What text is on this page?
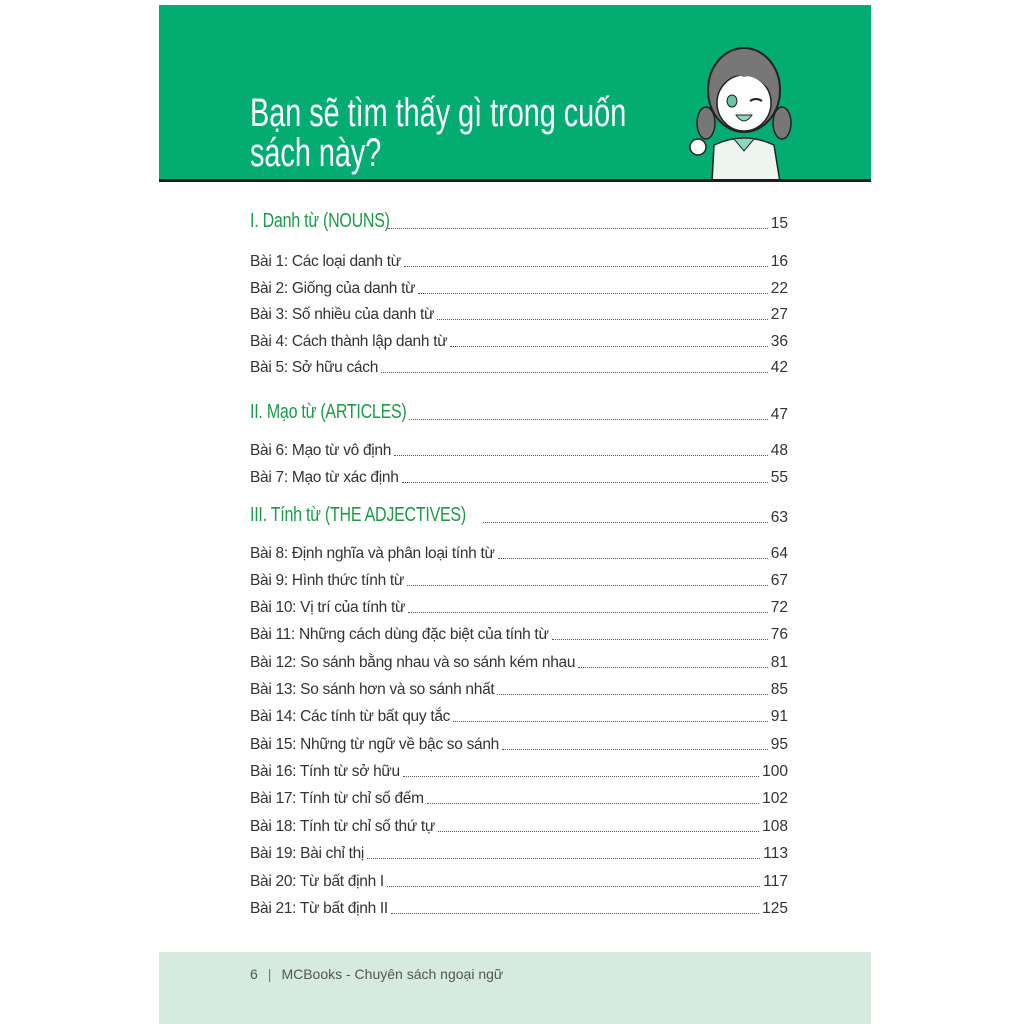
Bạn sẽ tìm thấy gì trong cuốn
sách này?
I. Danh từ (NOUNS)	15
Bài 1: Các loại danh từ	16
Bài 2: Giống của danh từ	22
Bài 3: Số nhiều của danh từ	27
Bài 4: Cách thành lập danh từ	36
Bài 5: Sở hữu cách	42
II. Mạo từ (ARTICLES)	47
Bài 6: Mạo từ vô định	48
Bài 7: Mạo từ xác định	55
III. Tính từ (THE ADJECTIVES)	63
Bài 8: Định nghĩa và phân loại tính từ	64
Bài 9: Hình thức tính từ	67
Bài 10: Vị trí của tính từ	72
Bài 11: Những cách dùng đặc biệt của tính từ	76
Bài 12: So sánh bằng nhau và so sánh kém nhau	81
Bài 13: So sánh hơn và so sánh nhất	85
Bài 14: Các tính từ bất quy tắc	91
Bài 15: Những từ ngữ về bậc so sánh	95
Bài 16: Tính từ sở hữu	100
Bài 17: Tính từ chỉ số đếm	102
Bài 18: Tính từ chỉ số thứ tự	108
Bài 19: Bài chỉ thị	113
Bài 20: Từ bất định I	117
Bài 21: Từ bất định II	125
6 | MCBooks - Chuyên sách ngoại ngữ
